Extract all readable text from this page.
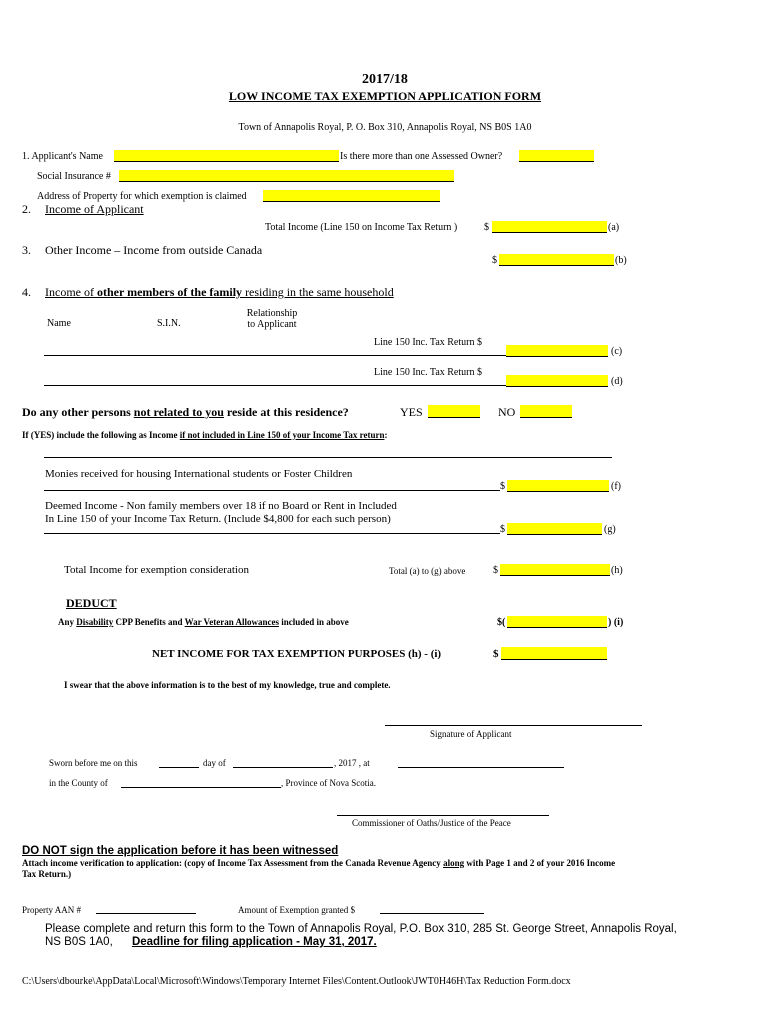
2017/18
LOW INCOME TAX EXEMPTION APPLICATION FORM
Town of Annapolis Royal, P. O. Box 310, Annapolis Royal, NS B0S 1A0
1. Applicant's Name	Is there more than one Assessed Owner?
Social Insurance #
Address of Property for which exemption is claimed
2. Income of Applicant
Total Income (Line 150 on Income Tax Return )	$	(a)
3. Other Income – Income from outside Canada
$	(b)
4. Income of other members of the family residing in the same household
Name	S.I.N.
Relationship
to Applicant
Line 150 Inc. Tax Return $
(c)
Line 150 Inc. Tax Return $
(d)
Do any other persons not related to you reside at this residence?	YES	NO
If (YES) include the following as Income if not included in Line 150 of your Income Tax return:
Monies received for housing International students or Foster Children
$	(f)
Deemed Income - Non family members over 18 if no Board or Rent in Included
In Line 150 of your Income Tax Return. (Include $4,800 for each such person)
$	(g)
Total Income for exemption consideration	Total (a) to (g) above	$	(h)
DEDUCT
Any Disability CPP Benefits and War Veteran Allowances included in above	$(	) (i)
NET INCOME FOR TAX EXEMPTION PURPOSES (h) - (i)	$
I swear that the above information is to the best of my knowledge, true and complete.
Signature of Applicant
Sworn before me on this	day of	, 2017 , at
in the County of	, Province of Nova Scotia.
Commissioner of Oaths/Justice of the Peace
DO NOT sign the application before it has been witnessed
Attach income verification to application: (copy of Income Tax Assessment from the Canada Revenue Agency along with Page 1 and 2 of your 2016 Income
Tax Return.)
Property AAN #	Amount of Exemption granted $
Please complete and return this form to the Town of Annapolis Royal, P.O. Box 310, 285 St. George Street, Annapolis Royal,
NS B0S 1A0, Deadline for filing application - May 31, 2017.
C:\Users\dbourke\AppData\Local\Microsoft\Windows\Temporary Internet Files\Content.Outlook\JWT0H46H\Tax Reduction Form.docx
